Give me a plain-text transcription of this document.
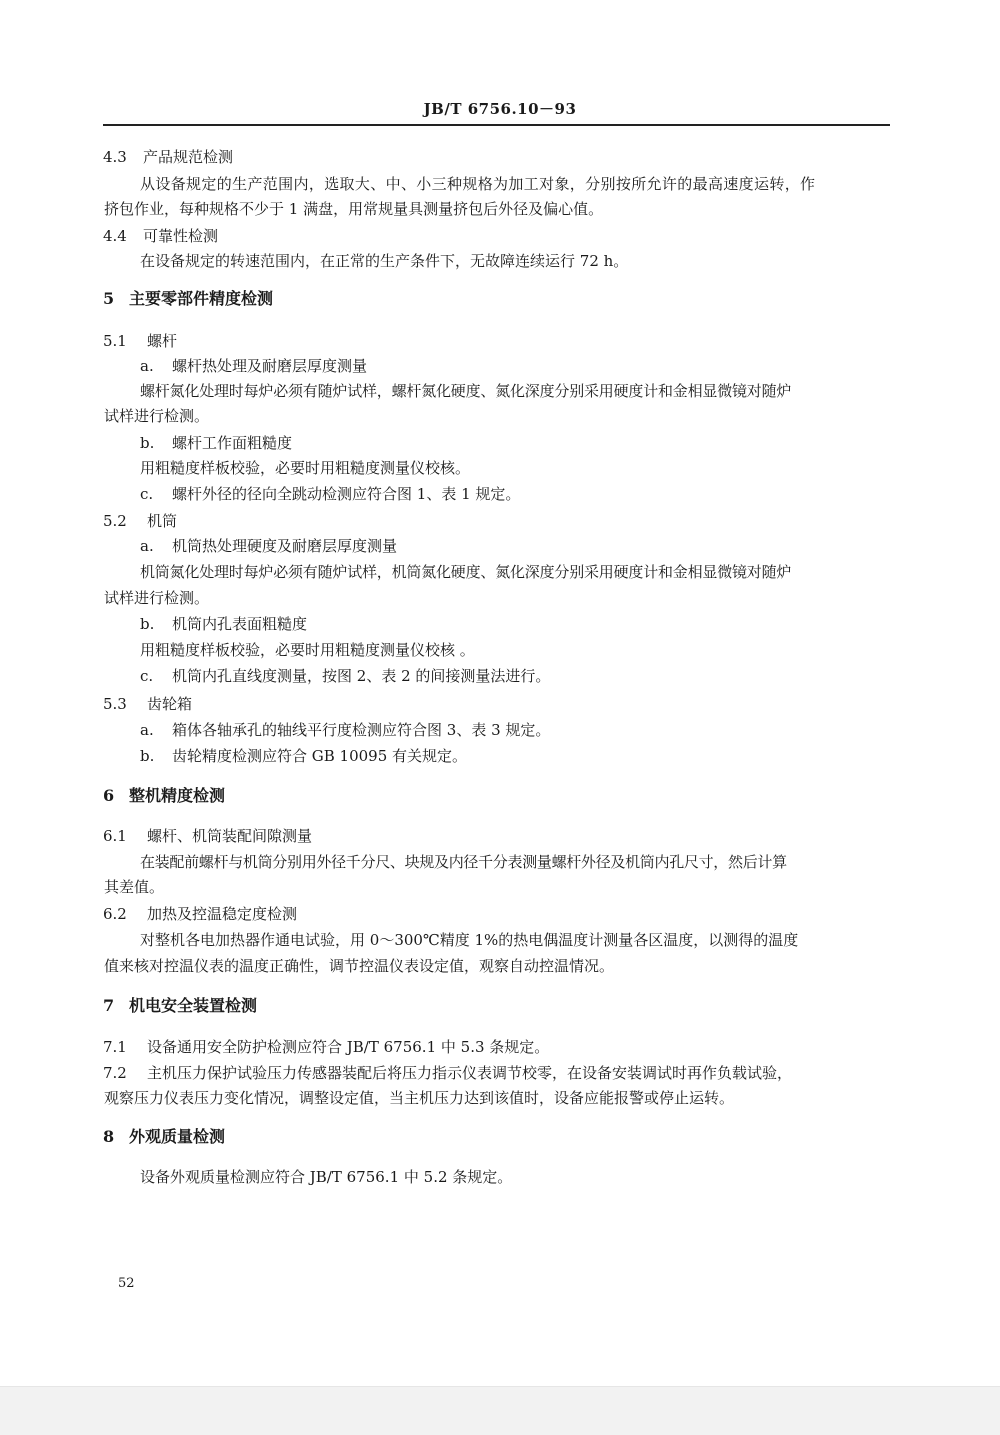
JB/T 6756.10－93
4.3 产品规范检测
从设备规定的生产范围内，选取大、中、小三种规格为加工对象，分别按所允许的最高速度运转，作
挤包作业，每种规格不少于 1 满盘，用常规量具测量挤包后外径及偏心值。
4.4 可靠性检测
在设备规定的转速范围内，在正常的生产条件下，无故障连续运行 72 h。
5 主要零部件精度检测
5.1 螺杆
a. 螺杆热处理及耐磨层厚度测量
螺杆氮化处理时每炉必须有随炉试样，螺杆氮化硬度、氮化深度分别采用硬度计和金相显微镜对随炉
试样进行检测。
b. 螺杆工作面粗糙度
用粗糙度样板校验，必要时用粗糙度测量仪校核。
c. 螺杆外径的径向全跳动检测应符合图 1、表 1 规定。
5.2 机筒
a. 机筒热处理硬度及耐磨层厚度测量
机筒氮化处理时每炉必须有随炉试样，机筒氮化硬度、氮化深度分别采用硬度计和金相显微镜对随炉
试样进行检测。
b. 机筒内孔表面粗糙度
用粗糙度样板校验，必要时用粗糙度测量仪校核 。
c. 机筒内孔直线度测量，按图 2、表 2 的间接测量法进行。
5.3 齿轮箱
a. 箱体各轴承孔的轴线平行度检测应符合图 3、表 3 规定。
b. 齿轮精度检测应符合 GB 10095 有关规定。
6 整机精度检测
6.1 螺杆、机筒装配间隙测量
在装配前螺杆与机筒分别用外径千分尺、块规及内径千分表测量螺杆外径及机筒内孔尺寸，然后计算
其差值。
6.2 加热及控温稳定度检测
对整机各电加热器作通电试验，用 0～300℃精度 1%的热电偶温度计测量各区温度，以测得的温度
值来核对控温仪表的温度正确性，调节控温仪表设定值，观察自动控温情况。
7 机电安全装置检测
7.1 设备通用安全防护检测应符合 JB/T 6756.1 中 5.3 条规定。
7.2 主机压力保护试验压力传感器装配后将压力指示仪表调节校零，在设备安装调试时再作负载试验，
观察压力仪表压力变化情况，调整设定值，当主机压力达到该值时，设备应能报警或停止运转。
8 外观质量检测
设备外观质量检测应符合 JB/T 6756.1 中 5.2 条规定。
52
